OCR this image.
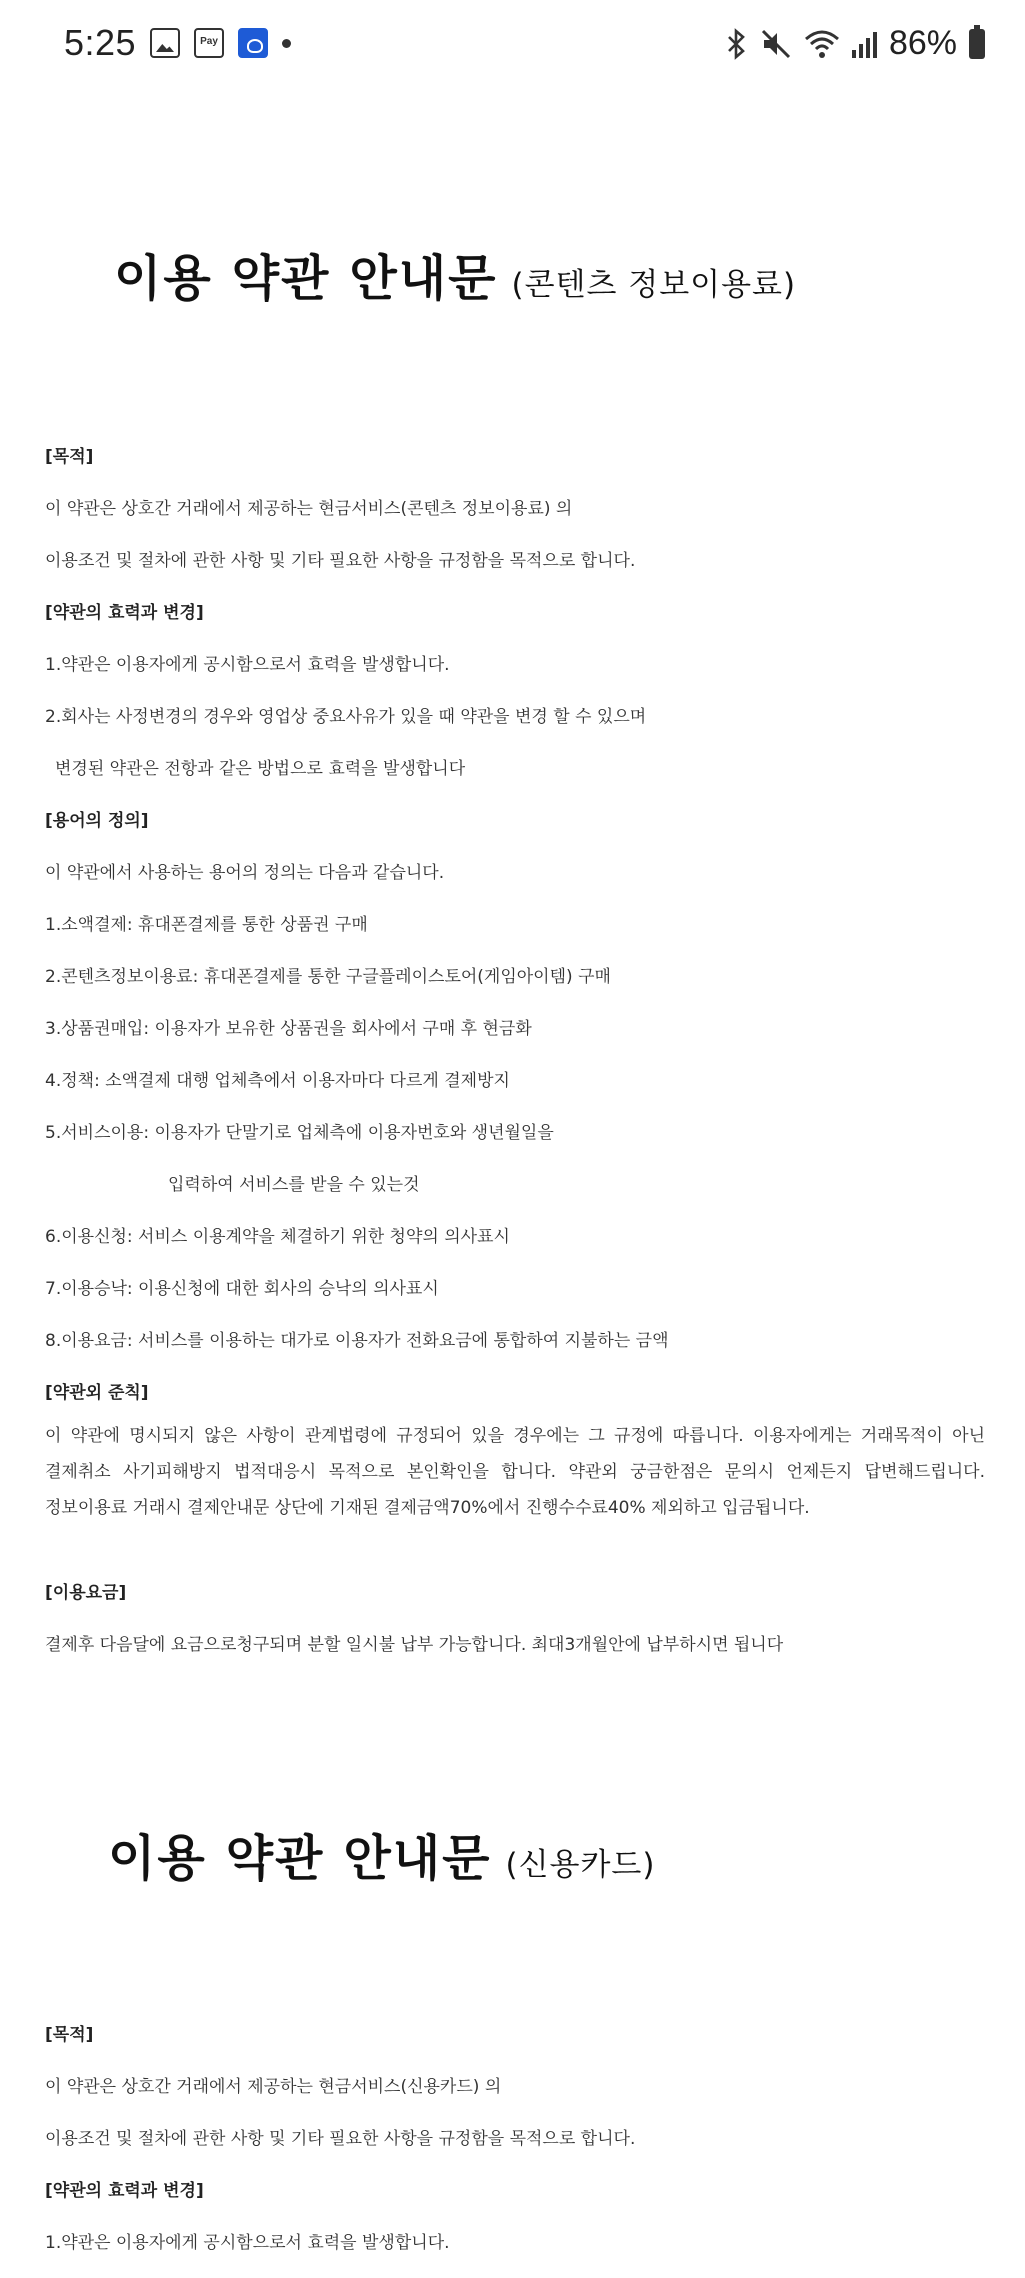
5:25	Pay	86%
이용 약관 안내문 (콘텐츠 정보이용료)
[목적]
이 약관은 상호간 거래에서 제공하는 현금서비스(콘텐츠 정보이용료) 의
이용조건 및 절차에 관한 사항 및 기타 필요한 사항을 규정함을 목적으로 합니다.
[약관의 효력과 변경]
1.약관은 이용자에게 공시함으로서 효력을 발생합니다.
2.회사는 사정변경의 경우와 영업상 중요사유가 있을 때 약관을 변경 할 수 있으며
변경된 약관은 전항과 같은 방법으로 효력을 발생합니다
[용어의 정의]
이 약관에서 사용하는 용어의 정의는 다음과 같습니다.
1.소액결제: 휴대폰결제를 통한 상품권 구매
2.콘텐츠정보이용료: 휴대폰결제를 통한 구글플레이스토어(게임아이템) 구매
3.상품권매입: 이용자가 보유한 상품권을 회사에서 구매 후 현금화
4.정책: 소액결제 대행 업체측에서 이용자마다 다르게 결제방지
5.서비스이용: 이용자가 단말기로 업체측에 이용자번호와 생년월일을
입력하여 서비스를 받을 수 있는것
6.이용신청: 서비스 이용계약을 체결하기 위한 청약의 의사표시
7.이용승낙: 이용신청에 대한 회사의 승낙의 의사표시
8.이용요금: 서비스를 이용하는 대가로 이용자가 전화요금에 통합하여 지불하는 금액
[약관외 준칙]
이 약관에 명시되지 않은 사항이 관계법령에 규정되어 있을 경우에는 그 규정에 따릅니다. 이용자에게는 거래목적이 아닌 결제취소 사기피해방지 법적대응시 목적으로 본인확인을 합니다. 약관외 궁금한점은 문의시 언제든지 답변해드립니다. 정보이용료 거래시 결제안내문 상단에 기재된 결제금액70%에서 진행수수료40% 제외하고 입금됩니다.
[이용요금]
결제후 다음달에 요금으로청구되며 분할 일시불 납부 가능합니다. 최대3개월안에 납부하시면 됩니다
이용 약관 안내문 (신용카드)
[목적]
이 약관은 상호간 거래에서 제공하는 현금서비스(신용카드) 의
이용조건 및 절차에 관한 사항 및 기타 필요한 사항을 규정함을 목적으로 합니다.
[약관의 효력과 변경]
1.약관은 이용자에게 공시함으로서 효력을 발생합니다.
